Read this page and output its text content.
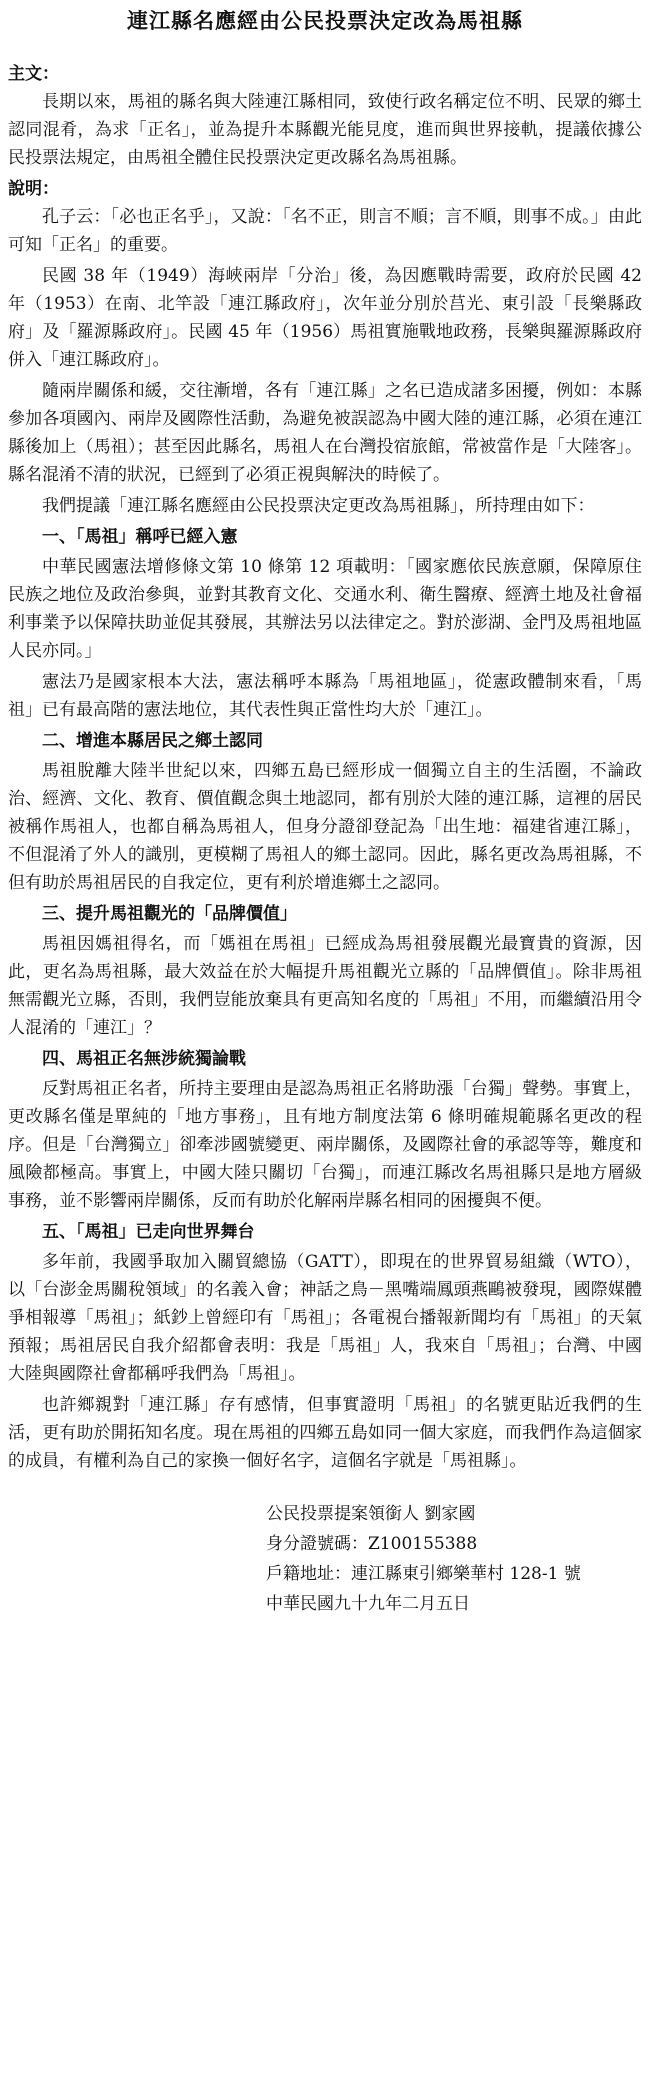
連江縣名應經由公民投票決定改為馬祖縣
主文：

長期以來，馬祖的縣名與大陸連江縣相同，致使行政名稱定位不明、民眾的鄉土認同混肴，為求「正名」，並為提升本縣觀光能見度，進而與世界接軌，提議依據公民投票法規定，由馬祖全體住民投票決定更改縣名為馬祖縣。

說明：

孔子云：「必也正名乎」，又說：「名不正，則言不順；言不順，則事不成。」由此可知「正名」的重要。

民國 38 年（1949）海峽兩岸「分治」後，為因應戰時需要，政府於民國 42 年（1953）在南、北竿設「連江縣政府」，次年並分別於莒光、東引設「長樂縣政府」及「羅源縣政府」。民國 45 年（1956）馬祖實施戰地政務，長樂與羅源縣政府併入「連江縣政府」。

隨兩岸關係和緩，交往漸增，各有「連江縣」之名已造成諸多困擾，例如：本縣參加各項國內、兩岸及國際性活動，為避免被誤認為中國大陸的連江縣，必須在連江縣後加上（馬祖）；甚至因此縣名，馬祖人在台灣投宿旅館，常被當作是「大陸客」。縣名混淆不清的狀況，已經到了必須正視與解決的時候了。

我們提議「連江縣名應經由公民投票決定更改為馬祖縣」，所持理由如下：

一、「馬祖」稱呼已經入憲

中華民國憲法增修條文第 10 條第 12 項載明：「國家應依民族意願，保障原住民族之地位及政治參與，並對其教育文化、交通水利、衛生醫療、經濟土地及社會福利事業予以保障扶助並促其發展，其辦法另以法律定之。對於澎湖、金門及馬祖地區人民亦同。」

憲法乃是國家根本大法，憲法稱呼本縣為「馬祖地區」，從憲政體制來看，「馬祖」已有最高階的憲法地位，其代表性與正當性均大於「連江」。

二、增進本縣居民之鄉土認同

馬祖脫離大陸半世紀以來，四鄉五島已經形成一個獨立自主的生活圈，不論政治、經濟、文化、教育、價值觀念與土地認同，都有別於大陸的連江縣，這裡的居民被稱作馬祖人，也都自稱為馬祖人，但身分證卻登記為「出生地：福建省連江縣」，不但混淆了外人的識別，更模糊了馬祖人的鄉土認同。因此，縣名更改為馬祖縣，不但有助於馬祖居民的自我定位，更有利於增進鄉土之認同。

三、提升馬祖觀光的「品牌價值」

馬祖因媽祖得名，而「媽祖在馬祖」已經成為馬祖發展觀光最寶貴的資源，因此，更名為馬祖縣，最大效益在於大幅提升馬祖觀光立縣的「品牌價值」。除非馬祖無需觀光立縣，否則，我們豈能放棄具有更高知名度的「馬祖」不用，而繼續沿用令人混淆的「連江」？

四、馬祖正名無涉統獨論戰

反對馬祖正名者，所持主要理由是認為馬祖正名將助漲「台獨」聲勢。事實上，更改縣名僅是單純的「地方事務」，且有地方制度法第 6 條明確規範縣名更改的程序。但是「台灣獨立」卻牽涉國號變更、兩岸關係，及國際社會的承認等等，難度和風險都極高。事實上，中國大陸只關切「台獨」，而連江縣改名馬祖縣只是地方層級事務，並不影響兩岸關係，反而有助於化解兩岸縣名相同的困擾與不便。

五、「馬祖」已走向世界舞台

多年前，我國爭取加入關貿總協（GATT），即現在的世界貿易組織（WTO），以「台澎金馬關稅領域」的名義入會；神話之鳥－黑嘴端鳳頭燕鷗被發現，國際媒體爭相報導「馬祖」；紙鈔上曾經印有「馬祖」；各電視台播報新聞均有「馬祖」的天氣預報；馬祖居民自我介紹都會表明：我是「馬祖」人，我來自「馬祖」；台灣、中國大陸與國際社會都稱呼我們為「馬祖」。

也許鄉親對「連江縣」存有感情，但事實證明「馬祖」的名號更貼近我們的生活，更有助於開拓知名度。現在馬祖的四鄉五島如同一個大家庭，而我們作為這個家的成員，有權利為自己的家換一個好名字，這個名字就是「馬祖縣」。

公民投票提案領銜人 劉家國
身分證號碼：Z100155388
戶籍地址：連江縣東引鄉樂華村 128-1 號
中華民國九十九年二月五日
